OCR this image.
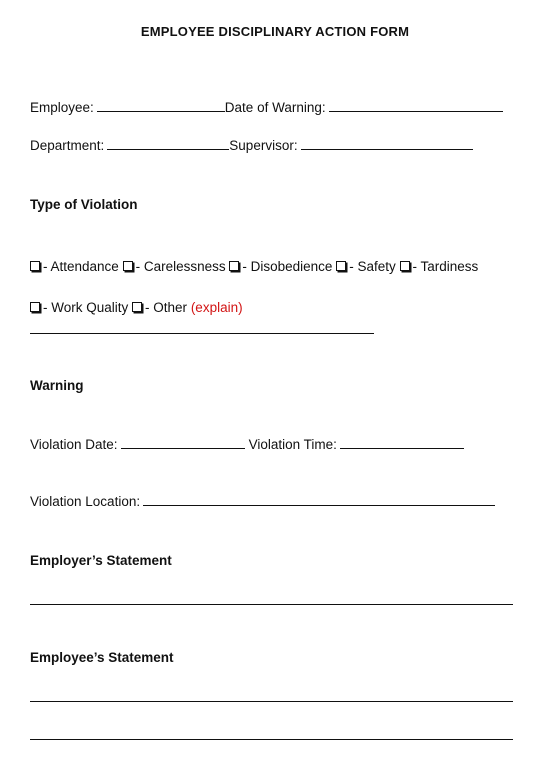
EMPLOYEE DISCIPLINARY ACTION FORM
Employee:	Date of Warning:
Department:	Supervisor:
Type of Violation
- Attendance - Carelessness - Disobedience - Safety - Tardiness
- Work Quality - Other (explain)
Warning
Violation Date:	Violation Time:
Violation Location:
Employer’s Statement
Employee’s Statement
